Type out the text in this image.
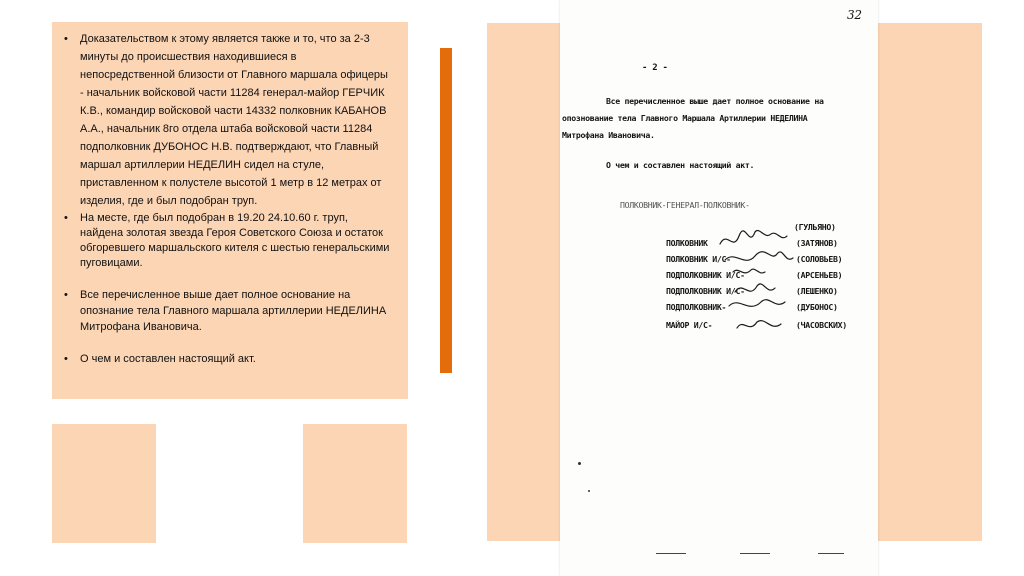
• Доказательством к этому является также и то, что за 2-3 минуты до происшествия находившиеся в непосредственной близости от Главного маршала офицеры - начальник войсковой части 11284 генерал-майор ГЕРЧИК К.В., командир войсковой части 14332 полковник КАБАНОВ А.А., начальник 8го отдела штаба войсковой части 11284 подполковник ДУБОНОС Н.В. подтверждают, что Главный маршал артиллерии НЕДЕЛИН сидел на стуле, приставленном к полустеле высотой 1 метр в 12 метрах от изделия, где и был подобран труп.
• На месте, где был подобран в 19.20 24.10.60 г. труп, найдена золотая звезда Героя Советского Союза и остаток обгоревшего маршальского кителя с шестью генеральскими пуговицами.
• Все перечисленное выше дает полное основание на опознание тела Главного маршала артиллерии НЕДЕЛИНА Митрофана Ивановича.
• О чем и составлен настоящий акт.
32
- 2 -
Все перечисленное выше дает полное основание на
опознование тела Главного Маршала Артиллерии НЕДЕЛИНА
Митрофана Ивановича.
О чем и составлен настоящий акт.
ПОЛКОВНИК-ГЕНЕРАЛ-ПОЛКОВНИК-
(ГУЛЬЯНО)
ПОЛКОВНИК	(ЗАТЯНОВ)
ПОЛКОВНИК И/С-	(СОЛОВЬЕВ)
ПОДПОЛКОВНИК И/С-	(АРСЕНЬЕВ)
ПОДПОЛКОВНИК И/С-	(ЛЕШЕНКО)
ПОДПОЛКОВНИК-	(ДУБОНОС)
МАЙОР И/С-	(ЧАСОВСКИХ)
